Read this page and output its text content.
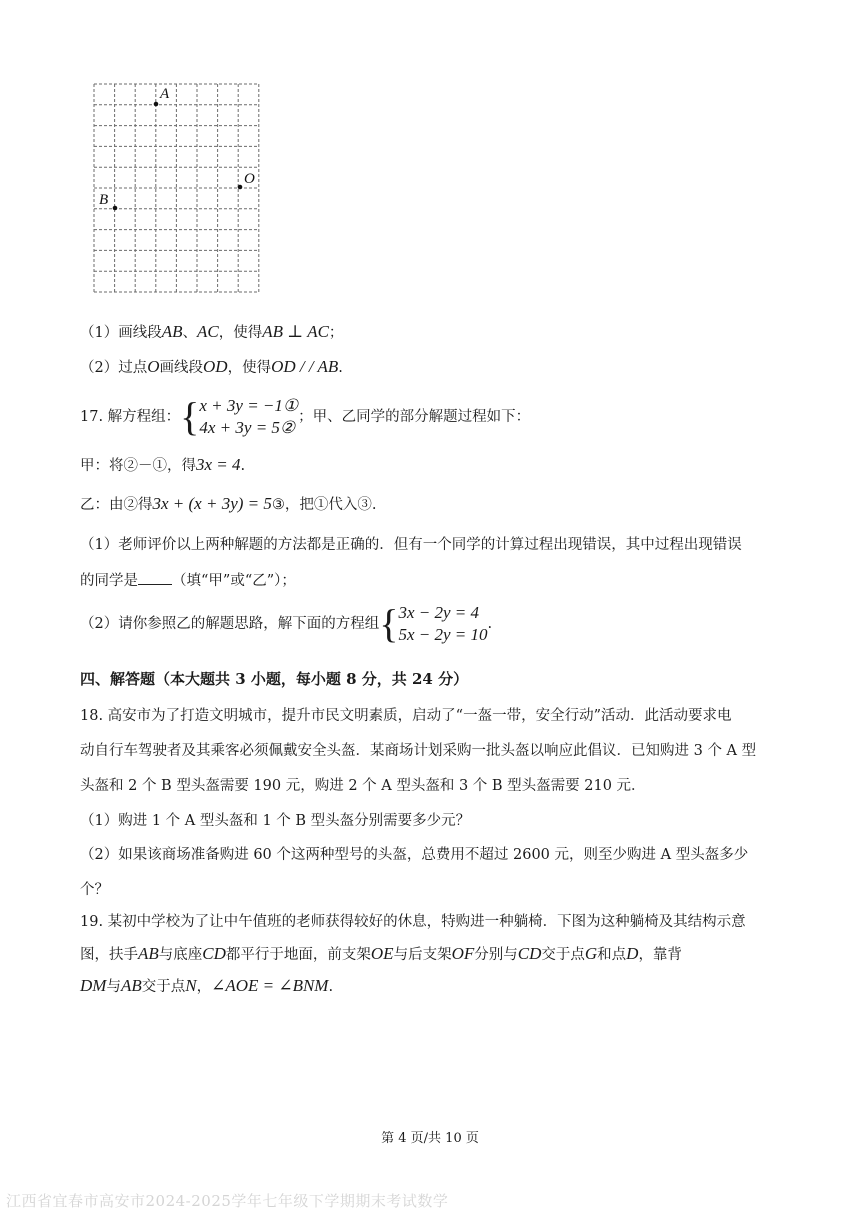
A
O
B
（1）画线段AB、AC，使得AB ⊥ AC；
（2）过点O画线段OD，使得OD / / AB.
17. 解方程组：{ x + 3y = −1①
4x + 3y = 5②
；甲、乙同学的部分解题过程如下：
甲：将②－①，得3x = 4.
乙：由②得3x + (x + 3y) = 5③，把①代入③.
（1）老师评价以上两种解题的方法都是正确的．但有一个同学的计算过程出现错误，其中过程出现错误
的同学是 （填“甲”或“乙”）；
（2）请你参照乙的解题思路，解下面的方程组{ 3x − 2y = 4
5x − 2y = 10
.
四、解答题（本大题共 3 小题，每小题 8 分，共 24 分）
18. 高安市为了打造文明城市，提升市民文明素质，启动了“一盔一带，安全行动”活动．此活动要求电
动自行车驾驶者及其乘客必须佩戴安全头盔．某商场计划采购一批头盔以响应此倡议．已知购进 3 个 A 型
头盔和 2 个 B 型头盔需要 190 元，购进 2 个 A 型头盔和 3 个 B 型头盔需要 210 元．
（1）购进 1 个 A 型头盔和 1 个 B 型头盔分别需要多少元？
（2）如果该商场准备购进 60 个这两种型号的头盔，总费用不超过 2600 元，则至少购进 A 型头盔多少
个？
19. 某初中学校为了让中午值班的老师获得较好的休息，特购进一种躺椅．下图为这种躺椅及其结构示意
图，扶手AB与底座CD都平行于地面，前支架OE与后支架OF分别与CD交于点G和点D，靠背
DM与AB交于点N，∠AOE = ∠BNM.
第 4 页/共 10 页
江西省宜春市高安市2024-2025学年七年级下学期期末考试数学
